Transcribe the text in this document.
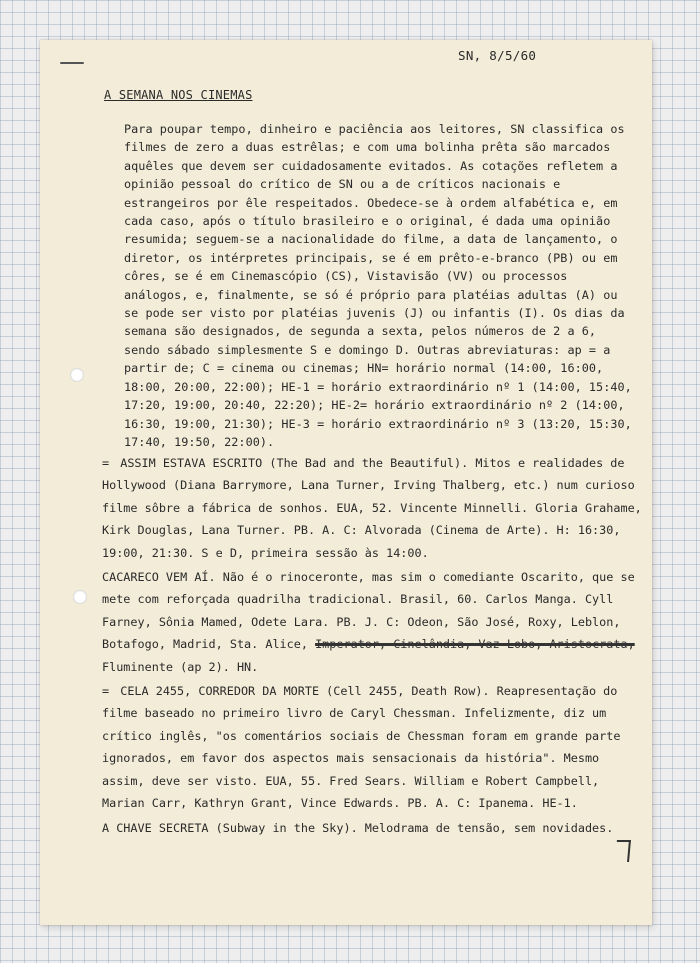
SN, 8/5/60
A SEMANA NOS CINEMAS

Para poupar tempo, dinheiro e paciência aos leitores, SN classifica os filmes de zero a duas estrêlas; e com uma bolinha prêta são marcados aquêles que devem ser cuidadosamente evitados. As cotações refletem a opinião pessoal do crítico de SN ou a de críticos nacionais e estrangeiros por êle respeitados. Obedece-se à ordem alfabética e, em cada caso, após o título brasileiro e o original, é dada uma opinião resumida; seguem-se a nacionalidade do filme, a data de lançamento, o diretor, os intérpretes principais, se é em prêto-e-branco (PB) ou em côres, se é em Cinemascópio (CS), Vistavisão (VV) ou processos análogos, e, finalmente, se só é próprio para platéias adultas (A) ou se pode ser visto por platéias juvenis (J) ou infantis (I). Os dias da semana são designados, de segunda a sexta, pelos números de 2 a 6, sendo sábado simplesmente S e domingo D. Outras abreviaturas: ap = a partir de; C = cinema ou cinemas; HN= horário normal (14:00, 16:00, 18:00, 20:00, 22:00); HE-1 = horário extraordinário nº 1 (14:00, 15:40, 17:20, 19:00, 20:40, 22:20); HE-2= horário extraordinário nº 2 (14:00, 16:30, 19:00, 21:30); HE-3 = horário extraordinário nº 3 (13:20, 15:30, 17:40, 19:50, 22:00).

= ASSIM ESTAVA ESCRITO (The Bad and the Beautiful). Mitos e realidades de Hollywood (Diana Barrymore, Lana Turner, Irving Thalberg, etc.) num curioso filme sôbre a fábrica de sonhos. EUA, 52. Vincente Minnelli. Gloria Grahame, Kirk Douglas, Lana Turner. PB. A. C: Alvorada (Cinema de Arte). H: 16:30, 19:00, 21:30. S e D, primeira sessão às 14:00.

CACARECO VEM AÍ. Não é o rinoceronte, mas sim o comediante Oscarito, que se mete com reforçada quadrilha tradicional. Brasil, 60. Carlos Manga. Cyll Farney, Sônia Mamed, Odete Lara. PB. J. C: Odeon, São José, Roxy, Leblon, Botafogo, Madrid, Sta. Alice, Imperator, Cinelândia, Vaz Lobo, Aristocrata, Fluminente (ap 2). HN.

= CELA 2455, CORREDOR DA MORTE (Cell 2455, Death Row). Reapresentação do filme baseado no primeiro livro de Caryl Chessman. Infelizmente, diz um crítico inglês, "os comentários sociais de Chessman foram em grande parte ignorados, em favor dos aspectos mais sensacionais da história". Mesmo assim, deve ser visto. EUA, 55. Fred Sears. William e Robert Campbell, Marian Carr, Kathryn Grant, Vince Edwards. PB. A. C: Ipanema. HE-1.

A CHAVE SECRETA (Subway in the Sky). Melodrama de tensão, sem novidades.
